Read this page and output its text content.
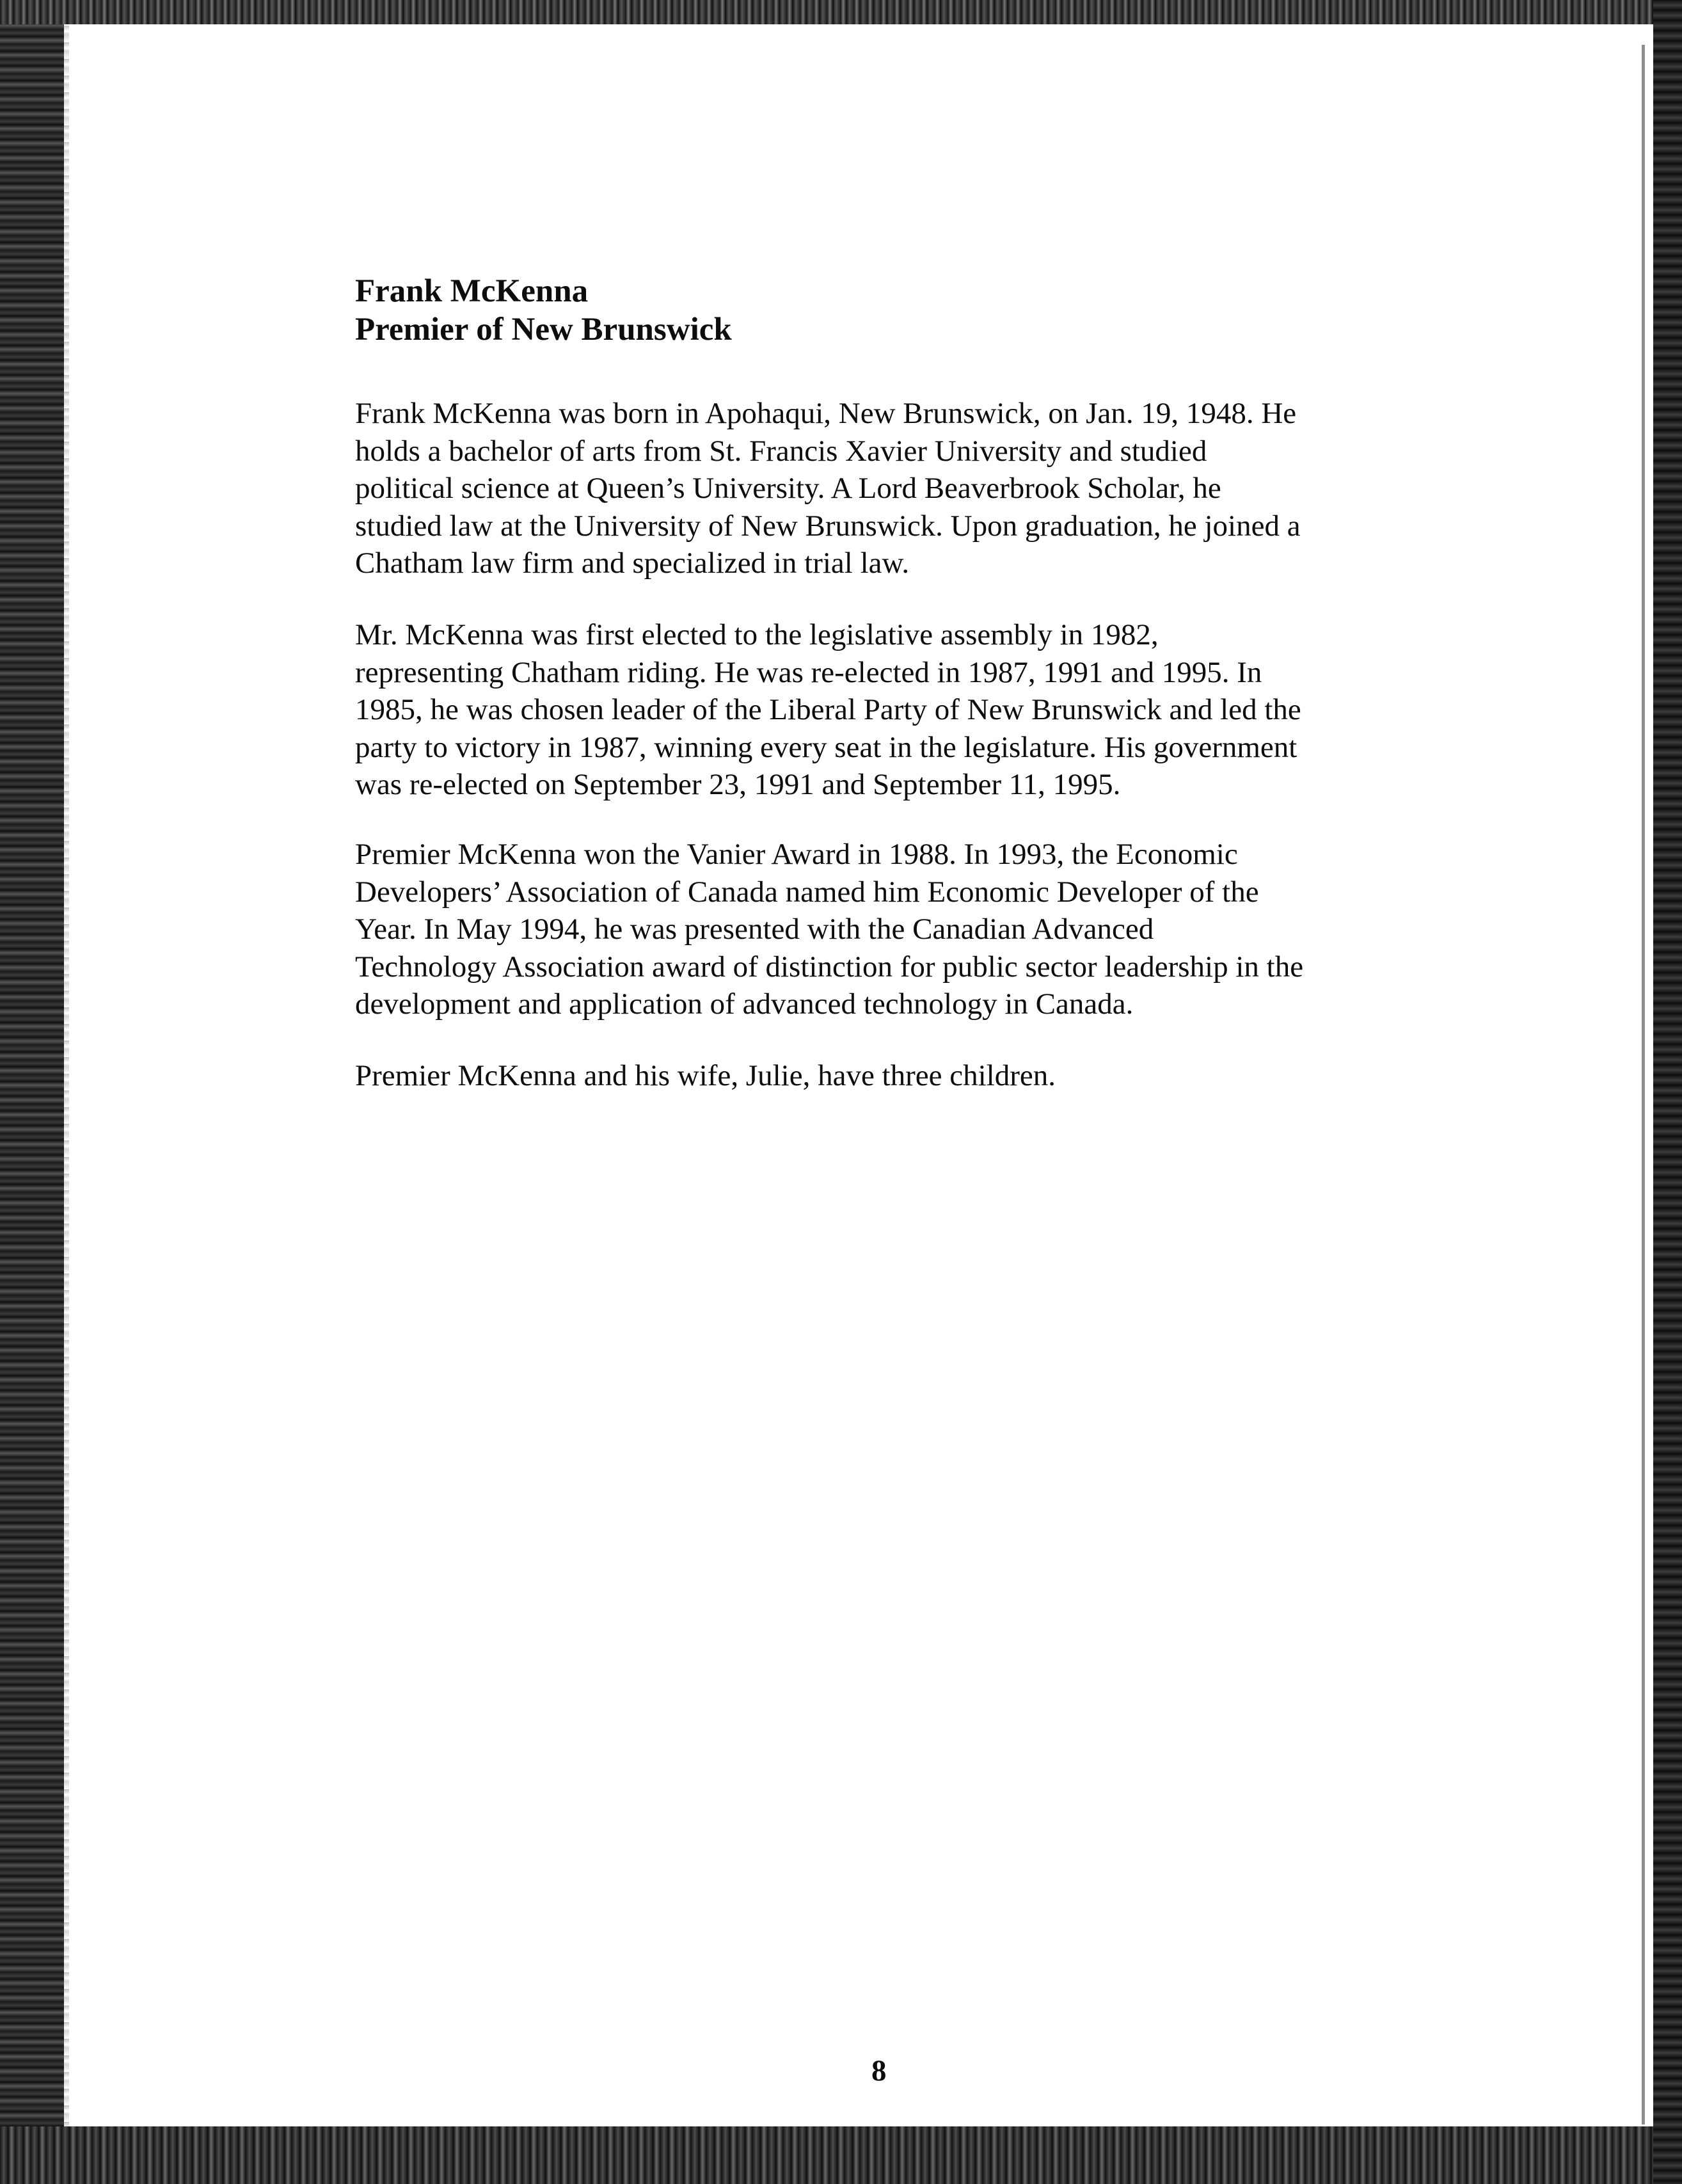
Frank McKenna

Premier of New Brunswick

Frank McKenna was born in Apohaqui, New Brunswick, on Jan. 19, 1948. He
holds a bachelor of arts from St. Francis Xavier University and studied
political science at Queen’s University. A Lord Beaverbrook Scholar, he
studied law at the University of New Brunswick. Upon graduation, he joined a
Chatham law firm and specialized in trial law.

Mr. McKenna was first elected to the legislative assembly in 1982,
representing Chatham riding. He was re-elected in 1987, 1991 and 1995. In
1985, he was chosen leader of the Liberal Party of New Brunswick and led the
party to victory in 1987, winning every seat in the legislature. His government
was re-elected on September 23, 1991 and September 11, 1995.

Premier McKenna won the Vanier Award in 1988. In 1993, the Economic
Developers’ Association of Canada named him Economic Developer of the
Year. In May 1994, he was presented with the Canadian Advanced
Technology Association award of distinction for public sector leadership in the
development and application of advanced technology in Canada.

Premier McKenna and his wife, Julie, have three children.

8
